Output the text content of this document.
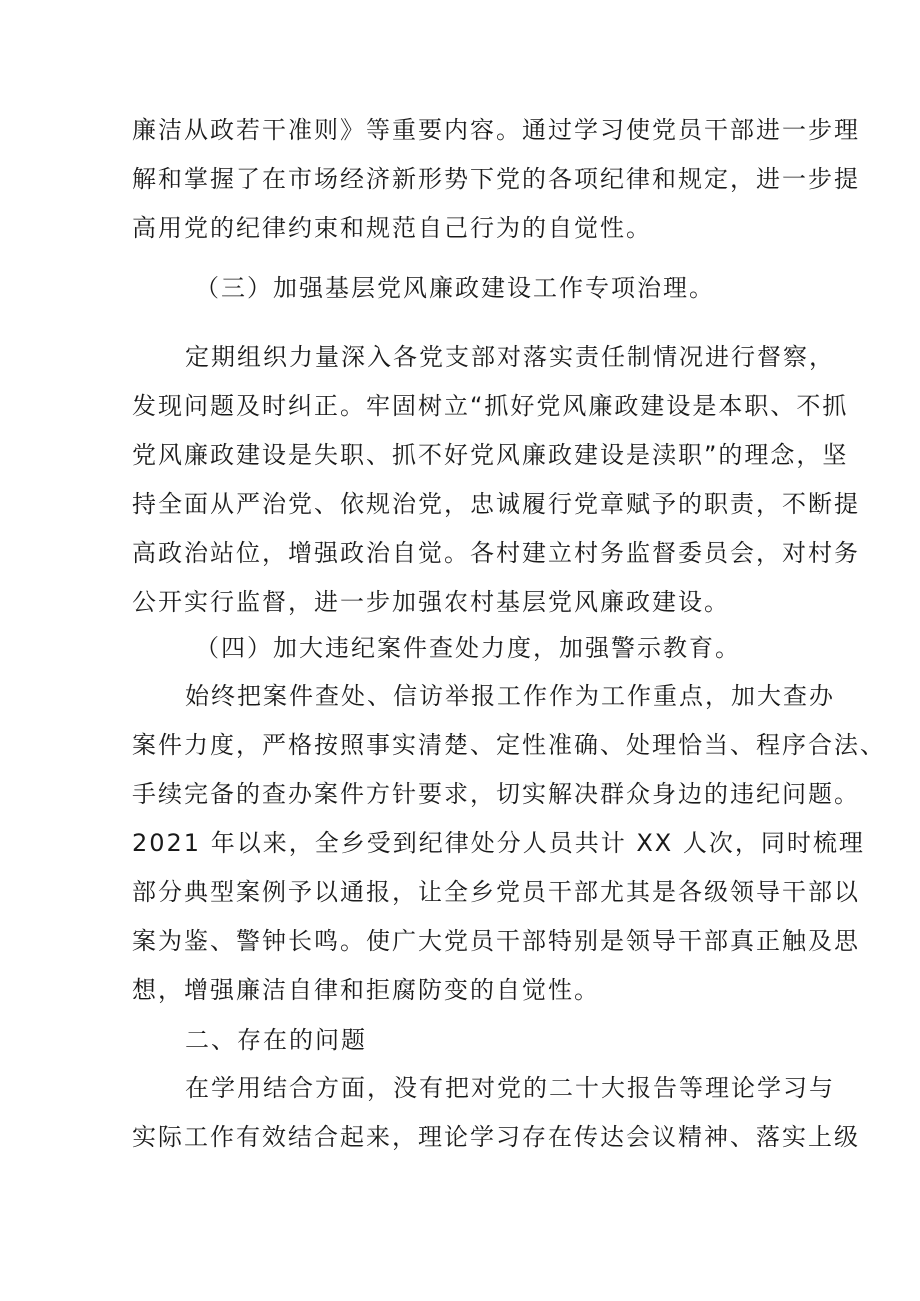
廉洁从政若干准则》等重要内容。通过学习使党员干部进一步理
解和掌握了在市场经济新形势下党的各项纪律和规定，进一步提
高用党的纪律约束和规范自己行为的自觉性。
（三）加强基层党风廉政建设工作专项治理。
定期组织力量深入各党支部对落实责任制情况进行督察，
发现问题及时纠正。牢固树立“抓好党风廉政建设是本职、不抓
党风廉政建设是失职、抓不好党风廉政建设是渎职”的理念，坚
持全面从严治党、依规治党，忠诚履行党章赋予的职责，不断提
高政治站位，增强政治自觉。各村建立村务监督委员会，对村务
公开实行监督，进一步加强农村基层党风廉政建设。
（四）加大违纪案件查处力度，加强警示教育。
始终把案件查处、信访举报工作作为工作重点，加大查办
案件力度，严格按照事实清楚、定性准确、处理恰当、程序合法、
手续完备的查办案件方针要求，切实解决群众身边的违纪问题。
2021 年以来，全乡受到纪律处分人员共计 XX 人次，同时梳理
部分典型案例予以通报，让全乡党员干部尤其是各级领导干部以
案为鉴、警钟长鸣。使广大党员干部特别是领导干部真正触及思
想，增强廉洁自律和拒腐防变的自觉性。
二、存在的问题
在学用结合方面，没有把对党的二十大报告等理论学习与
实际工作有效结合起来，理论学习存在传达会议精神、落实上级
